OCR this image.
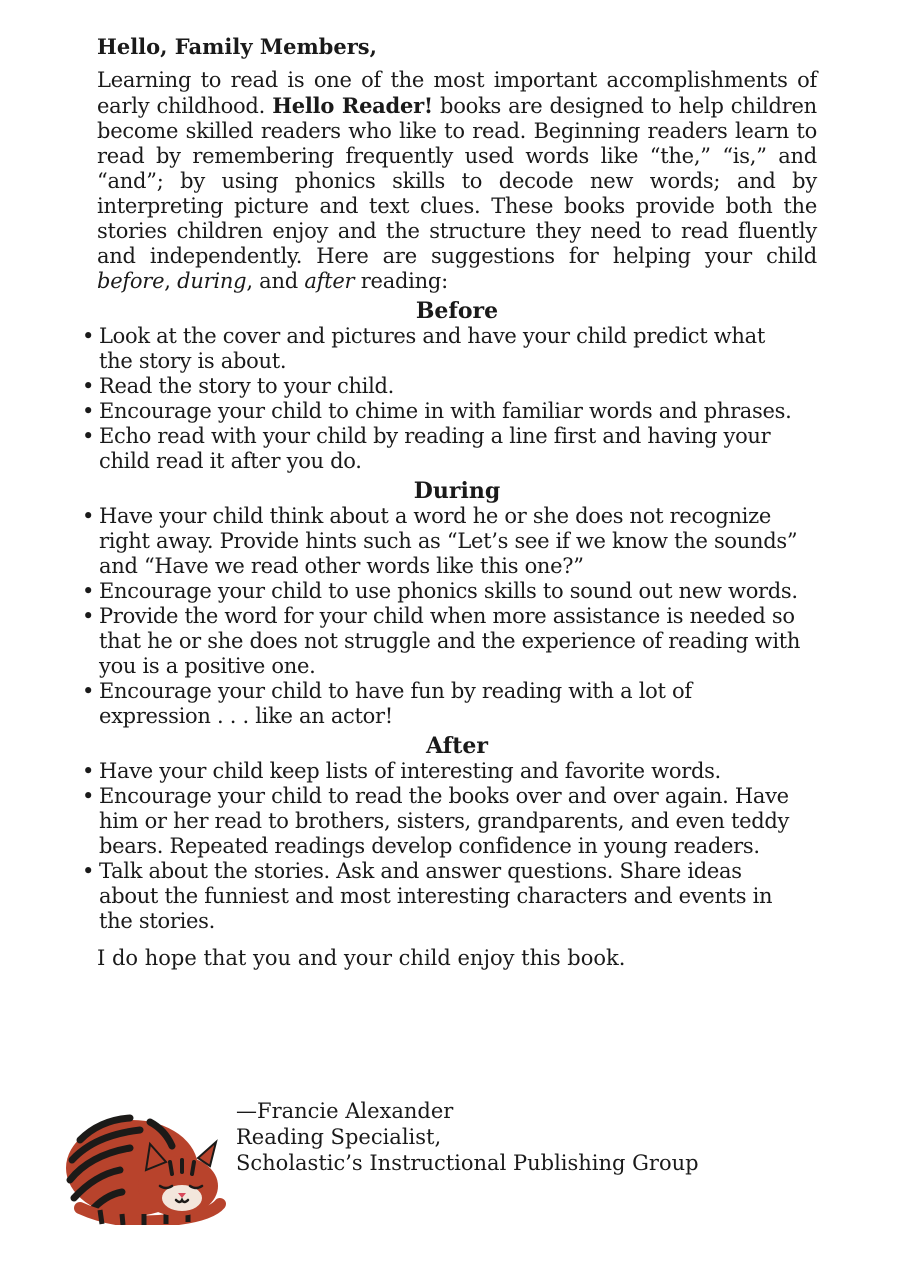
Hello, Family Members,

Learning to read is one of the most important accomplishments of early childhood. Hello Reader! books are designed to help children become skilled readers who like to read. Beginning readers learn to read by remembering frequently used words like “the,” “is,” and “and”; by using phonics skills to decode new words; and by interpreting picture and text clues. These books provide both the stories children enjoy and the structure they need to read fluently and independently. Here are suggestions for helping your child before, during, and after reading:

Before
• Look at the cover and pictures and have your child predict what the story is about.
• Read the story to your child.
• Encourage your child to chime in with familiar words and phrases.
• Echo read with your child by reading a line first and having your child read it after you do.
During
• Have your child think about a word he or she does not recognize right away. Provide hints such as “Let’s see if we know the sounds” and “Have we read other words like this one?”
• Encourage your child to use phonics skills to sound out new words.
• Provide the word for your child when more assistance is needed so that he or she does not struggle and the experience of reading with you is a positive one.
• Encourage your child to have fun by reading with a lot of expression . . . like an actor!
After
• Have your child keep lists of interesting and favorite words.
• Encourage your child to read the books over and over again. Have him or her read to brothers, sisters, grandparents, and even teddy bears. Repeated readings develop confidence in young readers.
• Talk about the stories. Ask and answer questions. Share ideas about the funniest and most interesting characters and events in the stories.

I do hope that you and your child enjoy this book.

—Francie Alexander
Reading Specialist,
Scholastic’s Instructional Publishing Group
